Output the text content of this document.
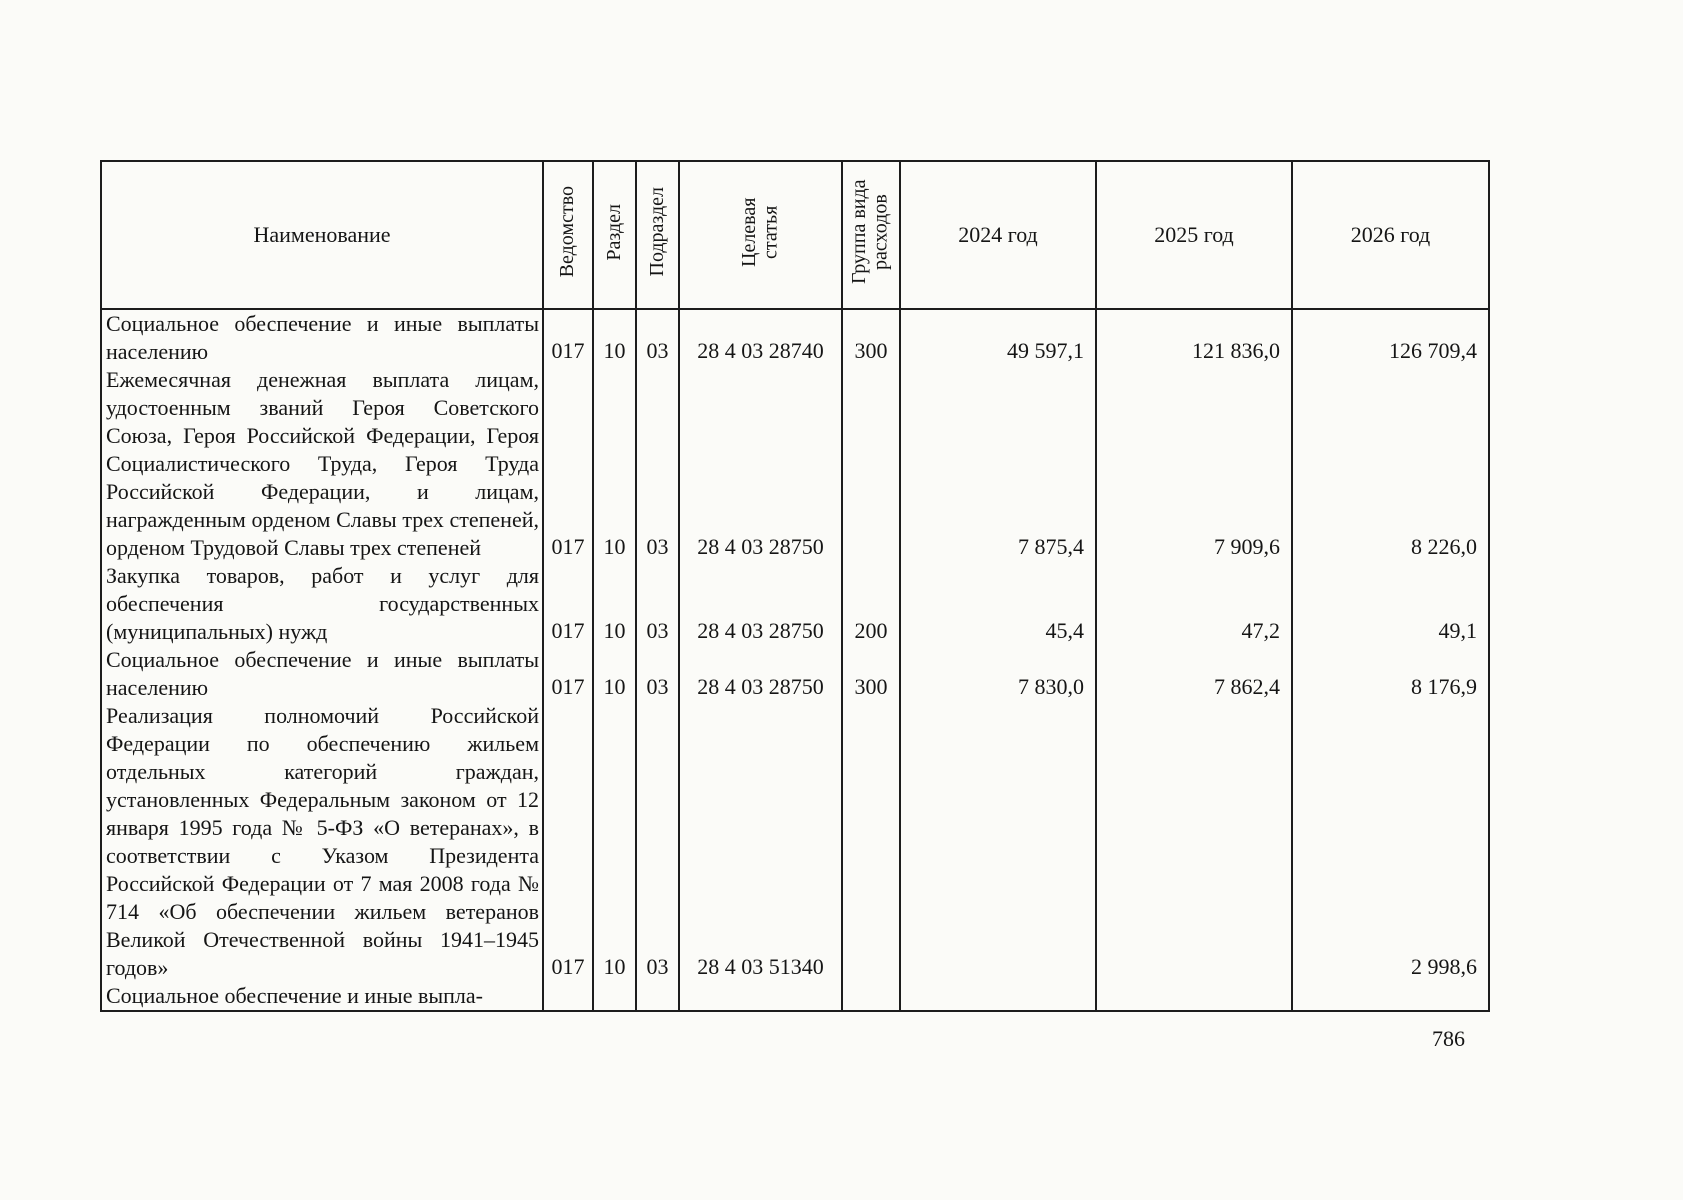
Наименование	Ведомство	Раздел	Подраздел	Целевая статья	Группа вида расходов	2024 год	2025 год	2026 год
Социальное обеспечение и иные выплаты населению	017	10	03	28 4 03 28740	300	49 597,1	121 836,0	126 709,4
Ежемесячная денежная выплата лицам, удостоенным званий Героя Советского Союза, Героя Российской Федерации, Героя Социалистического Труда, Героя Труда Российской Федерации, и лицам, награжденным орденом Славы трех степеней, орденом Трудовой Славы трех степеней	017	10	03	28 4 03 28750		7 875,4	7 909,6	8 226,0
Закупка товаров, работ и услуг для обеспечения государственных (муниципальных) нужд	017	10	03	28 4 03 28750	200	45,4	47,2	49,1
Социальное обеспечение и иные выплаты населению	017	10	03	28 4 03 28750	300	7 830,0	7 862,4	8 176,9
Реализация полномочий Российской Федерации по обеспечению жильем отдельных категорий граждан, установленных Федеральным законом от 12 января 1995 года № 5-ФЗ «О ветеранах», в соответствии с Указом Президента Российской Федерации от 7 мая 2008 года № 714 «Об обеспечении жильем ветеранов Великой Отечественной войны 1941–1945 годов»	017	10	03	28 4 03 51340				2 998,6
Социальное обеспечение и иные выпла-								
786
